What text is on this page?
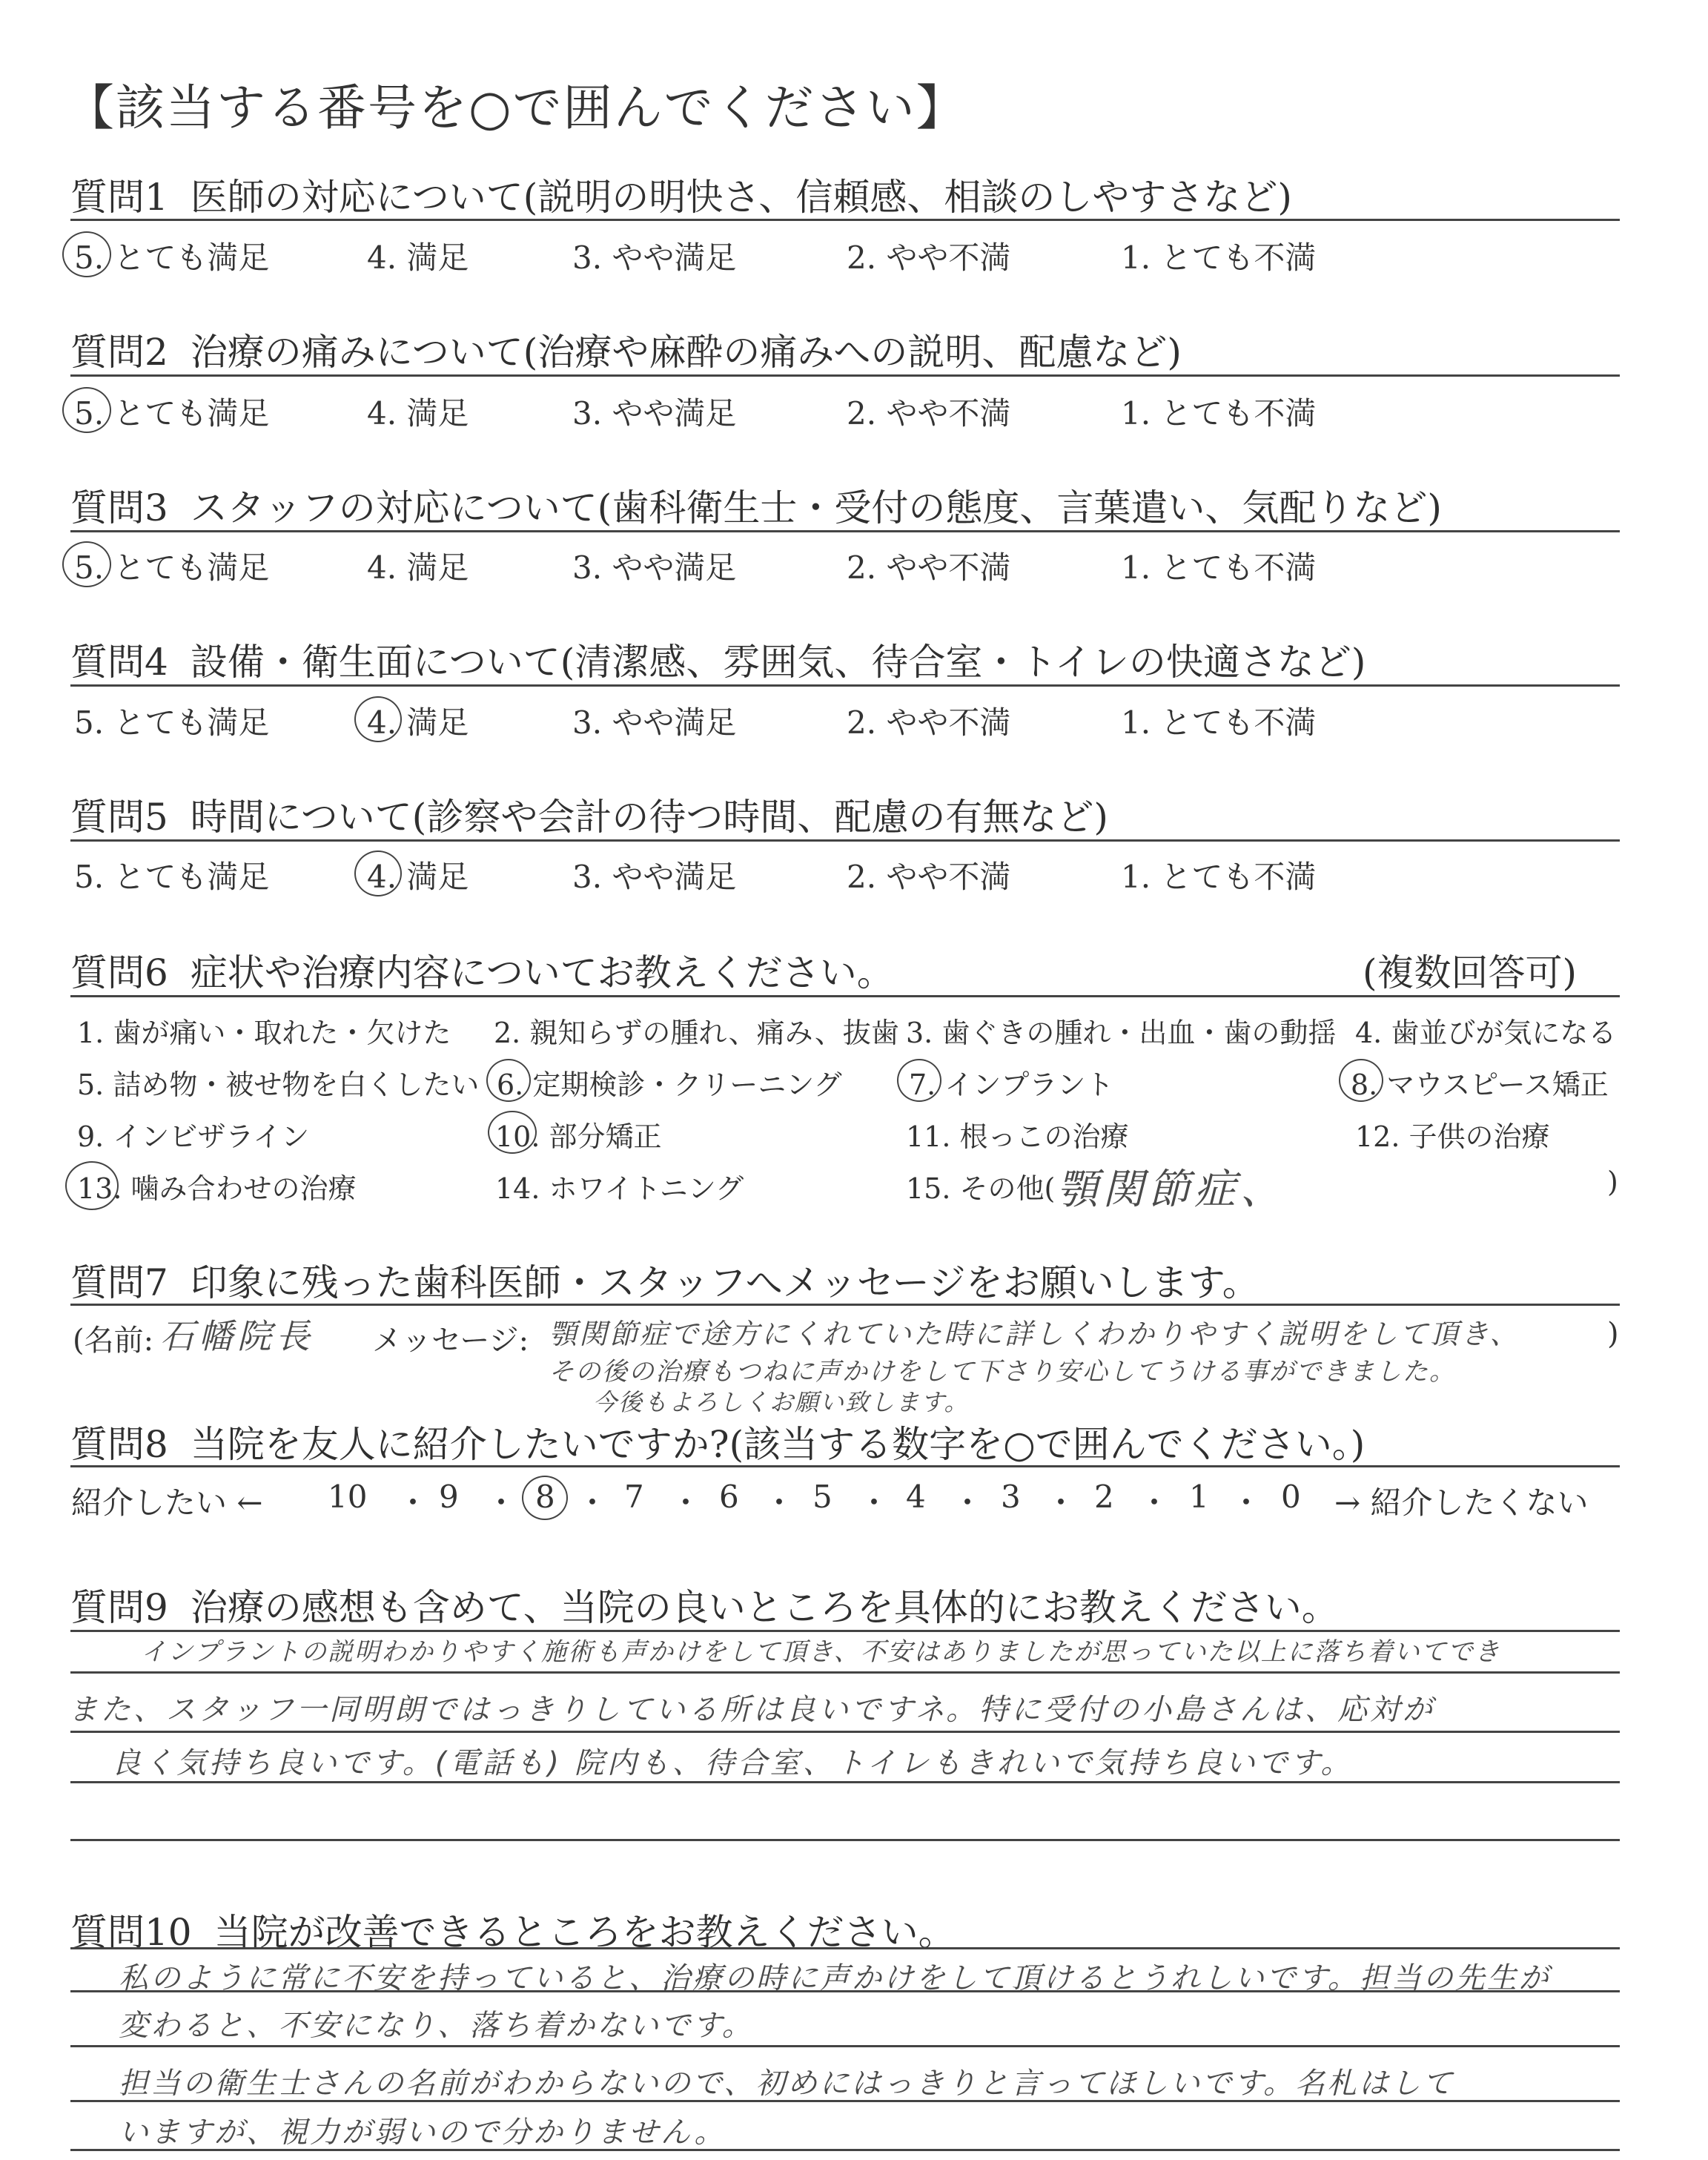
【該当する番号を○で囲んでください】
質問1 医師の対応について(説明の明快さ、信頼感、相談のしやすさなど)
5. とても満足	4. 満足	3. やや満足	2. やや不満	1. とても不満
質問2 治療の痛みについて(治療や麻酔の痛みへの説明、配慮など)
5. とても満足	4. 満足	3. やや満足	2. やや不満	1. とても不満
質問3 スタッフの対応について(歯科衛生士・受付の態度、言葉遣い、気配りなど)
5. とても満足	4. 満足	3. やや満足	2. やや不満	1. とても不満
質問4 設備・衛生面について(清潔感、雰囲気、待合室・トイレの快適さなど)
5. とても満足	4. 満足	3. やや満足	2. やや不満	1. とても不満
質問5 時間について(診察や会計の待つ時間、配慮の有無など)
5. とても満足	4. 満足	3. やや満足	2. やや不満	1. とても不満
質問6 症状や治療内容についてお教えください。	(複数回答可)
1. 歯が痛い・取れた・欠けた 2. 親知らずの腫れ、痛み、抜歯 3. 歯ぐきの腫れ・出血・歯の動揺 4. 歯並びが気になる
5. 詰め物・被せ物を白くしたい 6. 定期検診・クリーニング 7. インプラント	8. マウスピース矯正
9. インビザライン	10. 部分矯正	11. 根っこの治療	12. 子供の治療
13. 噛み合わせの治療	14. ホワイトニング	15. その他( 顎関節症、	)
質問7 印象に残った歯科医師・スタッフへメッセージをお願いします。
(名前: 石幡院長 メッセージ: 顎関節症で途方にくれていた時に詳しくわかりやすく説明をして頂き、	)
その後の治療もつねに声かけをして下さり安心してうける事ができました。
今後もよろしくお願い致します。
質問8 当院を友人に紹介したいですか?(該当する数字を○で囲んでください。)
紹介したい ← 10 ・ 9 ・ 8 ・ 7 ・ 6 ・ 5 ・ 4 ・ 3 ・ 2 ・ 1 ・ 0 → 紹介したくない
質問9 治療の感想も含めて、当院の良いところを具体的にお教えください。
インプラントの説明わかりやすく施術も声かけをして頂き、不安はありましたが思っていた以上に落ち着いてでき
また、スタッフ一同明朗ではっきりしている所は良いですネ。特に受付の小島さんは、応対が
良く気持ち良いです。(電話も) 院内も、待合室、トイレもきれいで気持ち良いです。
質問10 当院が改善できるところをお教えください。
私のように常に不安を持っていると、治療の時に声かけをして頂けるとうれしいです。担当の先生が
変わると、不安になり、落ち着かないです。
担当の衛生士さんの名前がわからないので、初めにはっきりと言ってほしいです。名札はして
いますが、視力が弱いので分かりません。
